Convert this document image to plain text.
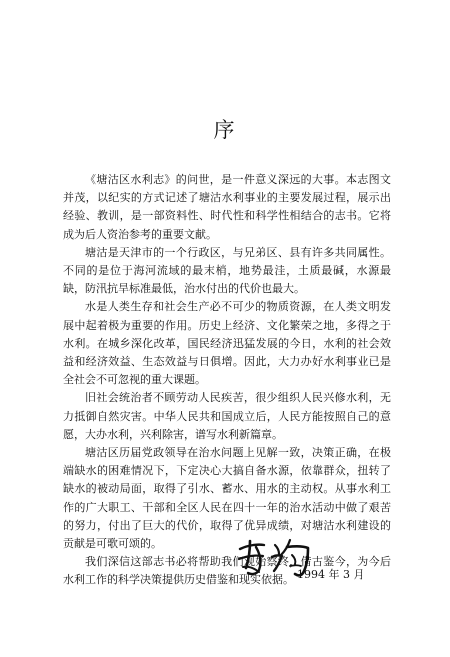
序

《塘沽区水利志》的问世，是一件意义深远的大事。本志图文并茂，以纪实的方式记述了塘沽水利事业的主要发展过程，展示出经验、教训，是一部资料性、时代性和科学性相结合的志书。它将成为后人资治参考的重要文献。

塘沽是天津市的一个行政区，与兄弟区、县有许多共同属性。不同的是位于海河流域的最末梢，地势最洼，土质最碱，水源最缺，防汛抗旱标准最低，治水付出的代价也最大。

水是人类生存和社会生产必不可少的物质资源，在人类文明发展中起着极为重要的作用。历史上经济、文化繁荣之地，多得之于水利。在城乡深化改革，国民经济迅猛发展的今日，水利的社会效益和经济效益、生态效益与日俱增。因此，大力办好水利事业已是全社会不可忽视的重大课题。

旧社会统治者不顾劳动人民疾苦，很少组织人民兴修水利，无力抵御自然灾害。中华人民共和国成立后，人民方能按照自己的意愿，大办水利，兴利除害，谱写水利新篇章。

塘沽区历届党政领导在治水问题上见解一致，决策正确，在极端缺水的困难情况下，下定决心大搞自备水源，依靠群众，扭转了缺水的被动局面，取得了引水、蓄水、用水的主动权。从事水利工作的广大职工、干部和全区人民在四十一年的治水活动中做了艰苦的努力，付出了巨大的代价，取得了优异成绩，对塘沽水利建设的贡献是可歌可颂的。

我们深信这部志书必将帮助我们观始察终，借古鉴今，为今后水利工作的科学决策提供历史借鉴和现实依据。 1994 年 3 月
